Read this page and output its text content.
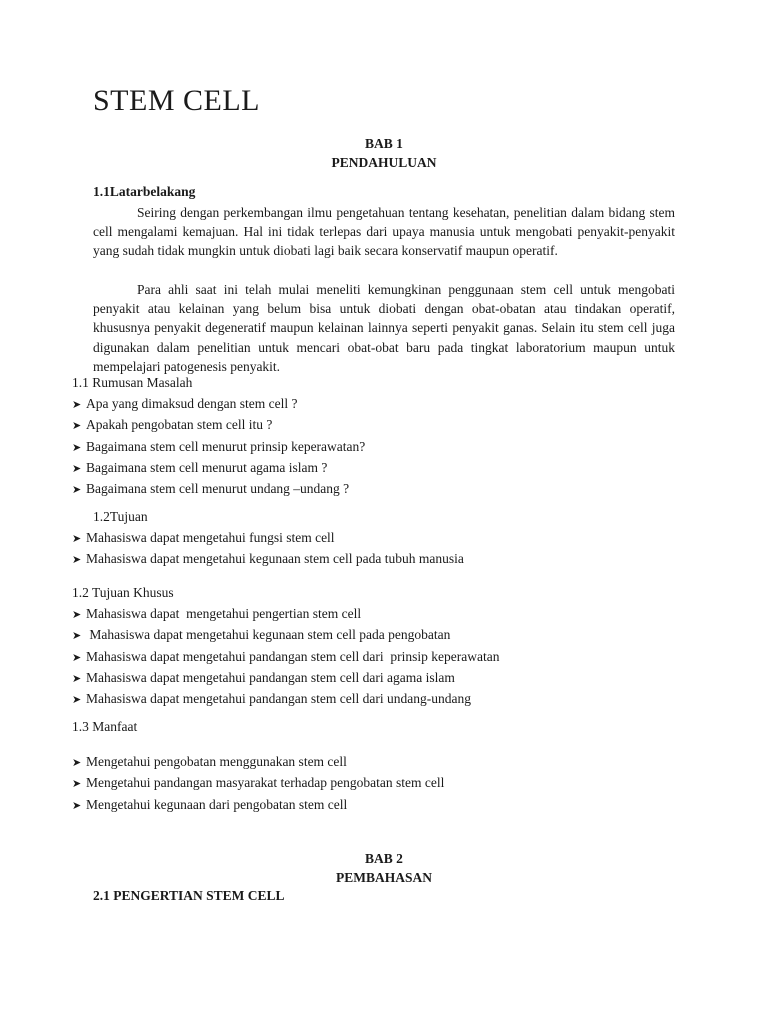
STEM CELL
BAB 1
PENDAHULUAN
1.1Latarbelakang

Seiring dengan perkembangan ilmu pengetahuan tentang kesehatan, penelitian dalam bidang stem cell mengalami kemajuan. Hal ini tidak terlepas dari upaya manusia untuk mengobati penyakit-penyakit yang sudah tidak mungkin untuk diobati lagi baik secara konservatif maupun operatif.

Para ahli saat ini telah mulai meneliti kemungkinan penggunaan stem cell untuk mengobati penyakit atau kelainan yang belum bisa untuk diobati dengan obat-obatan atau tindakan operatif, khususnya penyakit degeneratif maupun kelainan lainnya seperti penyakit ganas. Selain itu stem cell juga digunakan dalam penelitian untuk mencari obat-obat baru pada tingkat laboratorium maupun untuk mempelajari patogenesis penyakit.

1.1 Rumusan Masalah
➤ Apa yang dimaksud dengan stem cell ?
➤ Apakah pengobatan stem cell itu ?
➤ Bagaimana stem cell menurut prinsip keperawatan?
➤ Bagaimana stem cell menurut agama islam ?
➤ Bagaimana stem cell menurut undang –undang ?
1.2Tujuan
➤ Mahasiswa dapat mengetahui fungsi stem cell
➤ Mahasiswa dapat mengetahui kegunaan stem cell pada tubuh manusia
1.2 Tujuan Khusus
➤ Mahasiswa dapat  mengetahui pengertian stem cell
➤ Mahasiswa dapat mengetahui kegunaan stem cell pada pengobatan
➤ Mahasiswa dapat mengetahui pandangan stem cell dari  prinsip keperawatan
➤ Mahasiswa dapat mengetahui pandangan stem cell dari agama islam
➤ Mahasiswa dapat mengetahui pandangan stem cell dari undang-undang
1.3 Manfaat
➤ Mengetahui pengobatan menggunakan stem cell
➤ Mengetahui pandangan masyarakat terhadap pengobatan stem cell
➤ Mengetahui kegunaan dari pengobatan stem cell
BAB 2
PEMBAHASAN
2.1 PENGERTIAN STEM CELL
